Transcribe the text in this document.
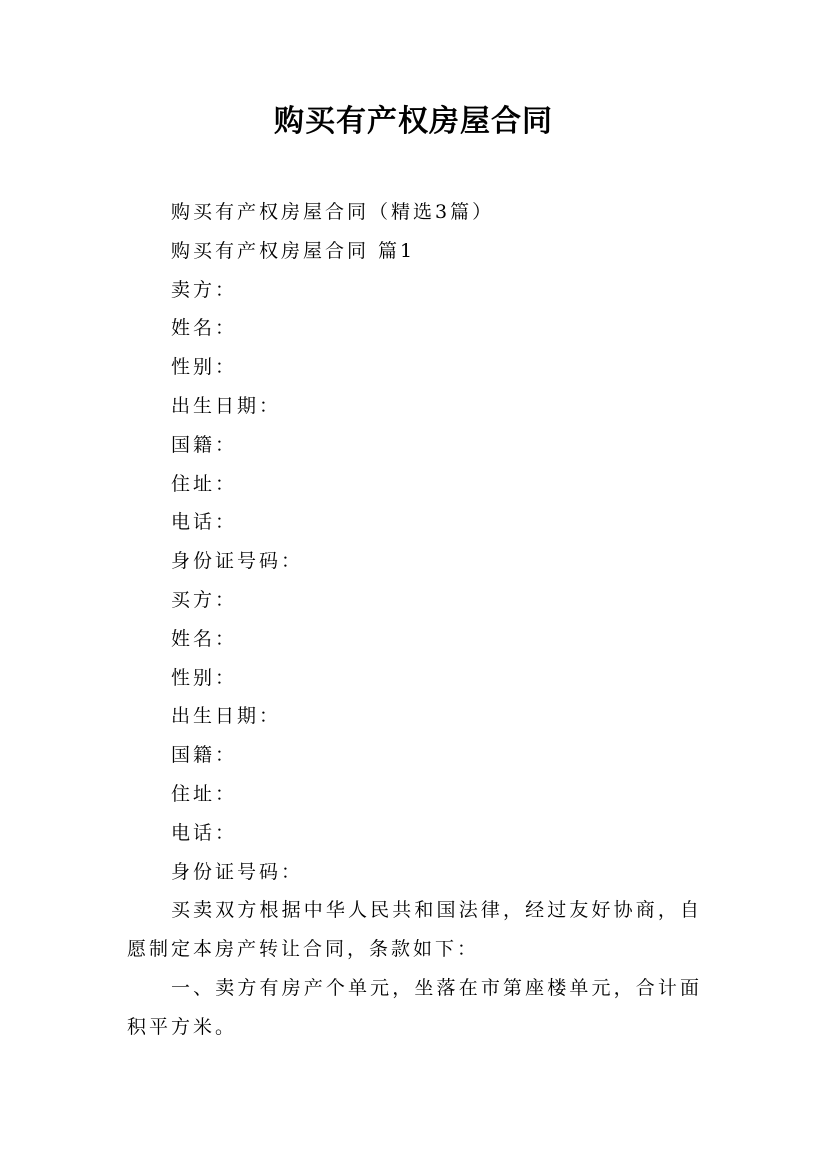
购买有产权房屋合同

购买有产权房屋合同（精选3篇）

购买有产权房屋合同 篇1

卖方：

姓名：

性别：

出生日期：

国籍：

住址：

电话：

身份证号码：

买方：

姓名：

性别：

出生日期：

国籍：

住址：

电话：

身份证号码：

买卖双方根据中华人民共和国法律，经过友好协商，自愿制定本房产转让合同，条款如下：

一、卖方有房产个单元，坐落在市第座楼单元，合计面积平方米。
